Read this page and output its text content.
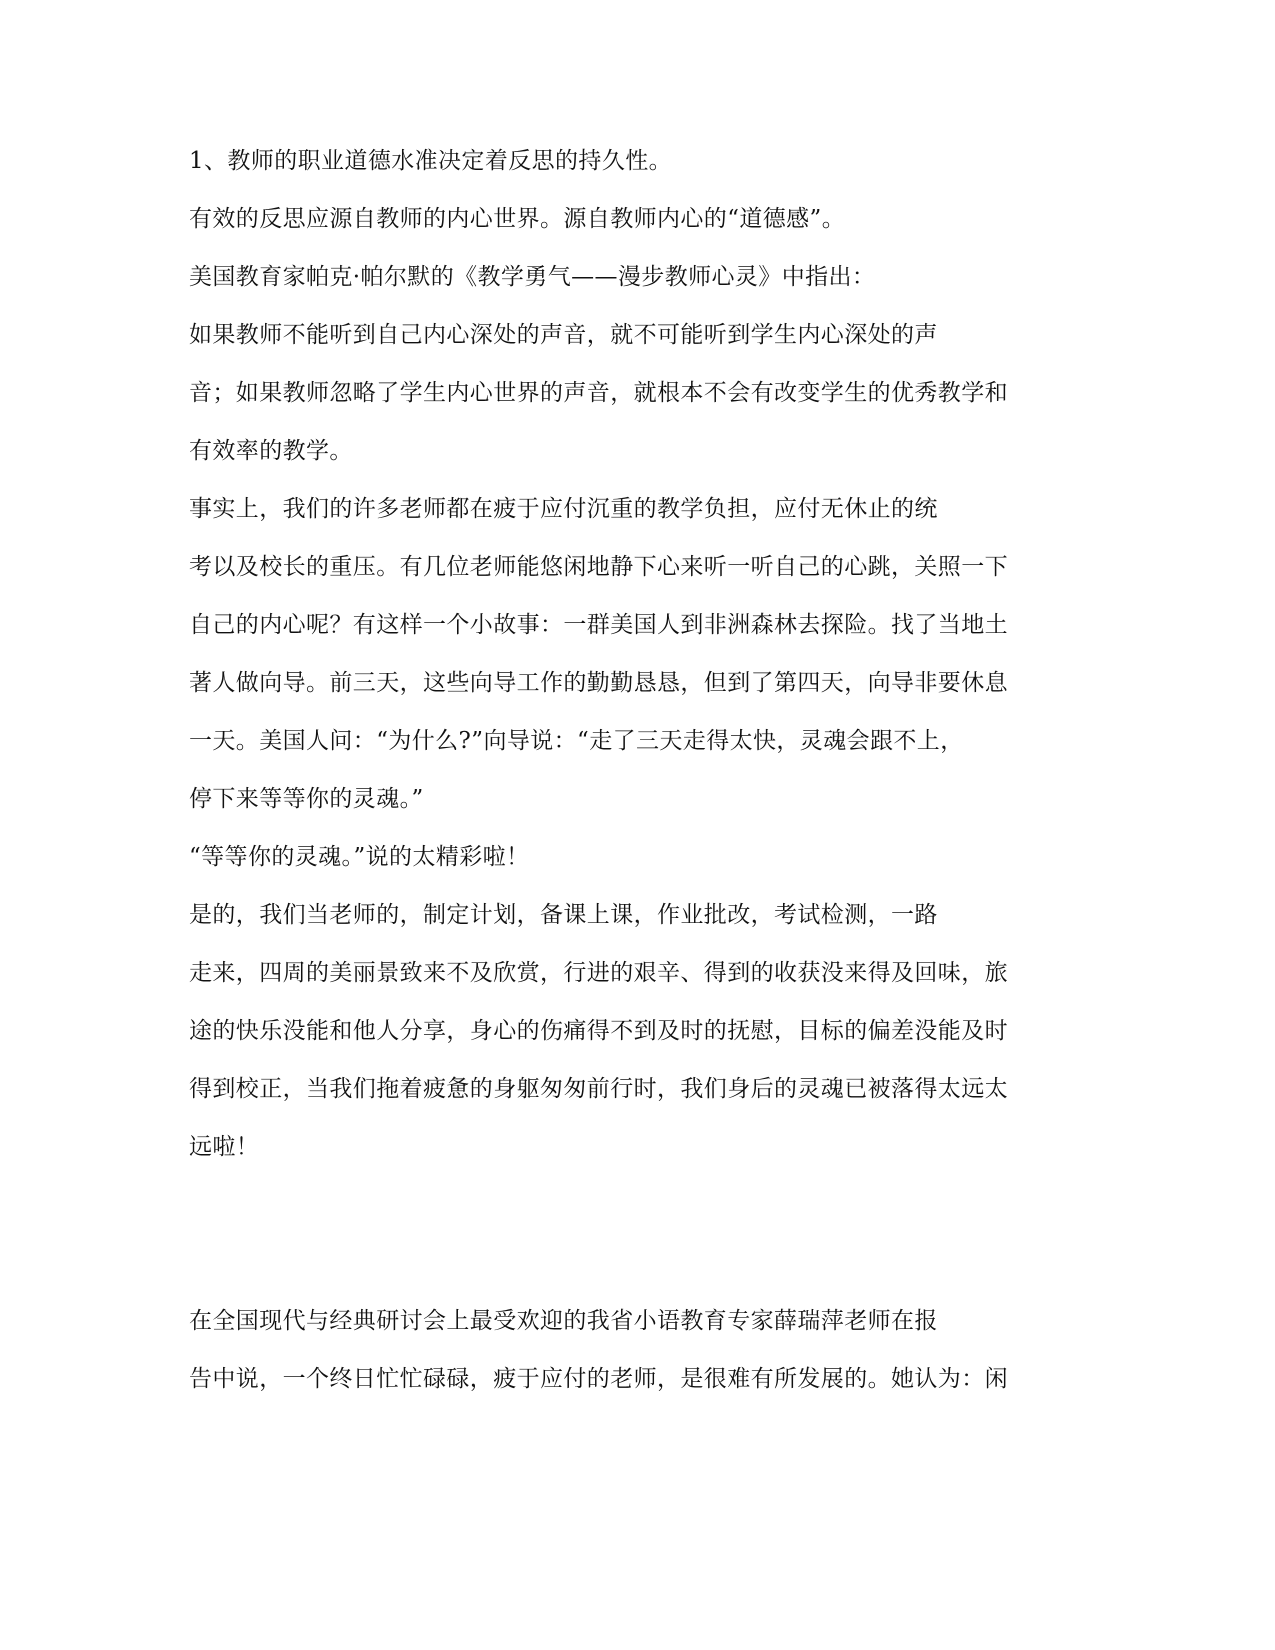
1、教师的职业道德水准决定着反思的持久性。

有效的反思应源自教师的内心世界。源自教师内心的“道德感”。

美国教育家帕克·帕尔默的《教学勇气——漫步教师心灵》中指出：

如果教师不能听到自己内心深处的声音，就不可能听到学生内心深处的声

音；如果教师忽略了学生内心世界的声音，就根本不会有改变学生的优秀教学和

有效率的教学。

事实上，我们的许多老师都在疲于应付沉重的教学负担，应付无休止的统

考以及校长的重压。有几位老师能悠闲地静下心来听一听自己的心跳，关照一下

自己的内心呢？有这样一个小故事：一群美国人到非洲森林去探险。找了当地土

著人做向导。前三天，这些向导工作的勤勤恳恳，但到了第四天，向导非要休息

一天。美国人问：“为什么?”向导说：“走了三天走得太快，灵魂会跟不上，

停下来等等你的灵魂。”

“等等你的灵魂。”说的太精彩啦！

是的，我们当老师的，制定计划，备课上课，作业批改，考试检测，一路

走来，四周的美丽景致来不及欣赏，行进的艰辛、得到的收获没来得及回味，旅

途的快乐没能和他人分享，身心的伤痛得不到及时的抚慰，目标的偏差没能及时

得到校正，当我们拖着疲惫的身躯匆匆前行时，我们身后的灵魂已被落得太远太

远啦！

在全国现代与经典研讨会上最受欢迎的我省小语教育专家薛瑞萍老师在报

告中说，一个终日忙忙碌碌，疲于应付的老师，是很难有所发展的。她认为：闲
